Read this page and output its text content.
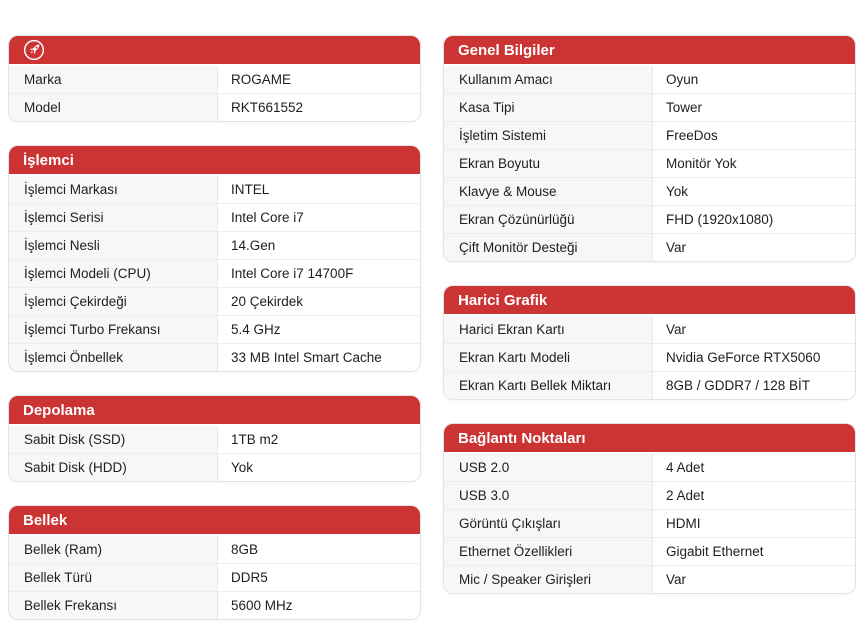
Marka	ROGAME
Model	RKT661552
İşlemci
İşlemci Markası	INTEL
İşlemci Serisi	Intel Core i7
İşlemci Nesli	14.Gen
İşlemci Modeli (CPU)	Intel Core i7 14700F
İşlemci Çekirdeği	20 Çekirdek
İşlemci Turbo Frekansı	5.4 GHz
İşlemci Önbellek	33 MB Intel Smart Cache
Depolama
Sabit Disk (SSD)	1TB m2
Sabit Disk (HDD)	Yok
Bellek
Bellek (Ram)	8GB
Bellek Türü	DDR5
Bellek Frekansı	5600 MHz
Genel Bilgiler
Kullanım Amacı	Oyun
Kasa Tipi	Tower
İşletim Sistemi	FreeDos
Ekran Boyutu	Monitör Yok
Klavye & Mouse	Yok
Ekran Çözünürlüğü	FHD (1920x1080)
Çift Monitör Desteği	Var
Harici Grafik
Harici Ekran Kartı	Var
Ekran Kartı Modeli	Nvidia GeForce RTX5060
Ekran Kartı Bellek Miktarı	8GB / GDDR7 / 128 BİT
Bağlantı Noktaları
USB 2.0	4 Adet
USB 3.0	2 Adet
Görüntü Çıkışları	HDMI
Ethernet Özellikleri	Gigabit Ethernet
Mic / Speaker Girişleri	Var
